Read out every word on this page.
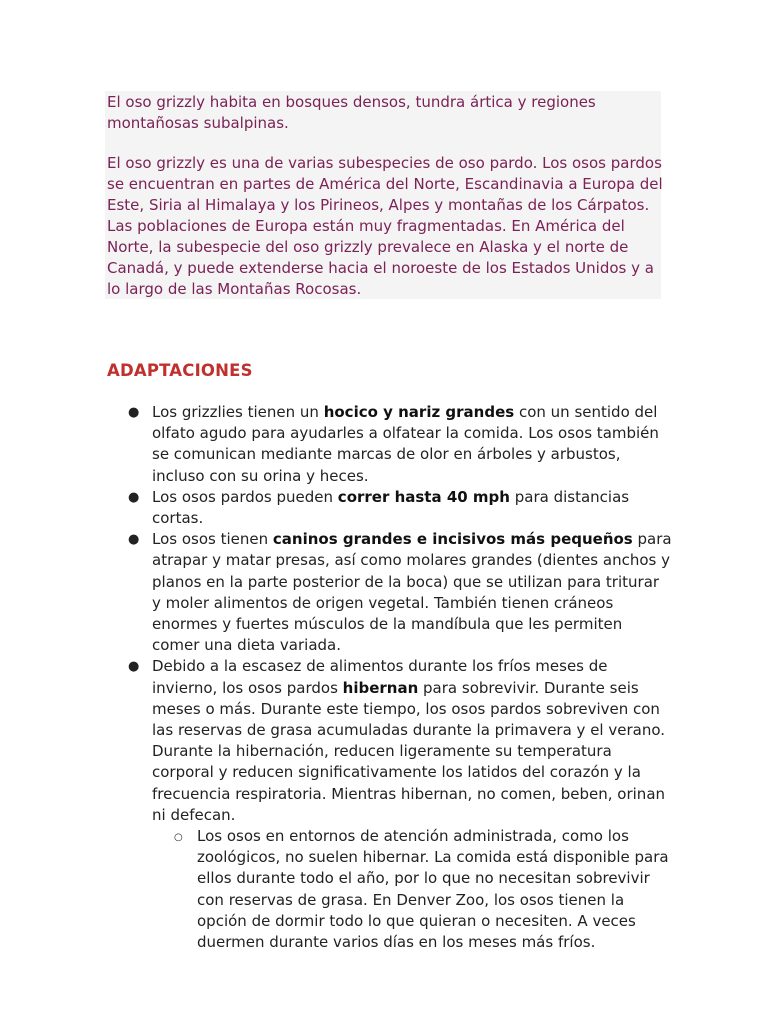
El oso grizzly habita en bosques densos, tundra ártica y regiones montañosas subalpinas.

El oso grizzly es una de varias subespecies de oso pardo. Los osos pardos se encuentran en partes de América del Norte, Escandinavia a Europa del Este, Siria al Himalaya y los Pirineos, Alpes y montañas de los Cárpatos. Las poblaciones de Europa están muy fragmentadas. En América del Norte, la subespecie del oso grizzly prevalece en Alaska y el norte de Canadá, y puede extenderse hacia el noroeste de los Estados Unidos y a lo largo de las Montañas Rocosas.

ADAPTACIONES
● Los grizzlies tienen un hocico y nariz grandes con un sentido del olfato agudo para ayudarles a olfatear la comida. Los osos también se comunican mediante marcas de olor en árboles y arbustos, incluso con su orina y heces.
● Los osos pardos pueden correr hasta 40 mph para distancias cortas.
● Los osos tienen caninos grandes e incisivos más pequeños para atrapar y matar presas, así como molares grandes (dientes anchos y planos en la parte posterior de la boca) que se utilizan para triturar y moler alimentos de origen vegetal. También tienen cráneos enormes y fuertes músculos de la mandíbula que les permiten comer una dieta variada.
● Debido a la escasez de alimentos durante los fríos meses de invierno, los osos pardos hibernan para sobrevivir. Durante seis meses o más. Durante este tiempo, los osos pardos sobreviven con las reservas de grasa acumuladas durante la primavera y el verano. Durante la hibernación, reducen ligeramente su temperatura corporal y reducen significativamente los latidos del corazón y la frecuencia respiratoria. Mientras hibernan, no comen, beben, orinan ni defecan.
○ Los osos en entornos de atención administrada, como los zoológicos, no suelen hibernar. La comida está disponible para ellos durante todo el año, por lo que no necesitan sobrevivir con reservas de grasa. En Denver Zoo, los osos tienen la opción de dormir todo lo que quieran o necesiten. A veces duermen durante varios días en los meses más fríos.
